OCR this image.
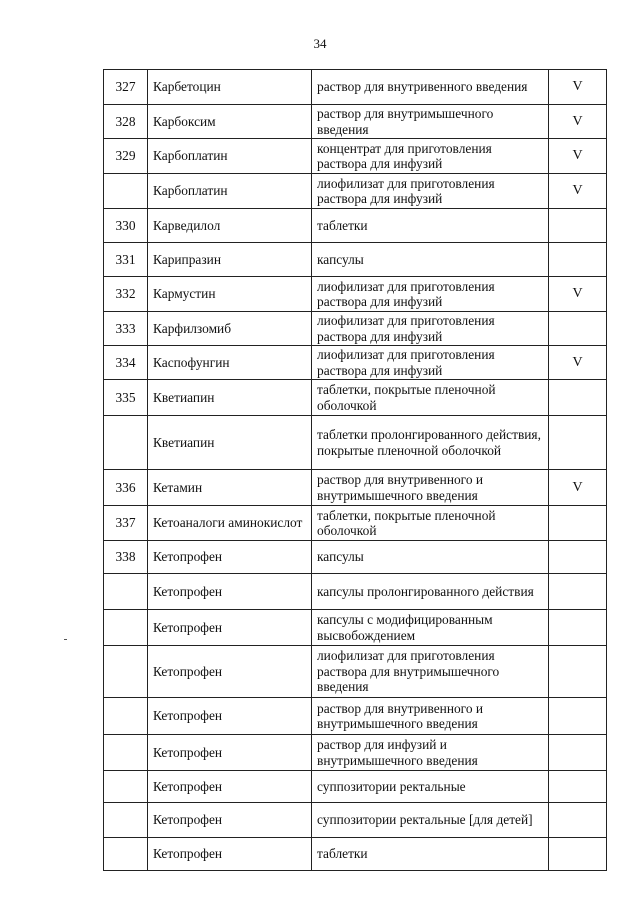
34
327	Карбетоцин	раствор для внутривенного введения	V

328	Карбоксим	раствор для внутримышечного введения	V

329	Карбоплатин	концентрат для приготовления раствора для инфузий	V

	Карбоплатин	лиофилизат для приготовления раствора для инфузий	V

330	Карведилол	таблетки	

331	Карипразин	капсулы	

332	Кармустин	лиофилизат для приготовления раствора для инфузий	V

333	Карфилзомиб	лиофилизат для приготовления раствора для инфузий	

334	Каспофунгин	лиофилизат для приготовления раствора для инфузий	V

335	Кветиапин	таблетки, покрытые пленочной оболочкой	

	Кветиапин	таблетки пролонгированного действия, покрытые пленочной оболочкой	

336	Кетамин	раствор для внутривенного и внутримышечного введения	V

337	Кетоаналоги аминокислот	таблетки, покрытые пленочной оболочкой	

338	Кетопрофен	капсулы	

	Кетопрофен	капсулы пролонгированного действия	

	Кетопрофен	капсулы с модифицированным высвобождением	

	Кетопрофен	лиофилизат для приготовления раствора для внутримышечного введения	

	Кетопрофен	раствор для внутривенного и внутримышечного введения	

	Кетопрофен	раствор для инфузий и внутримышечного введения	

	Кетопрофен	суппозитории ректальные	

	Кетопрофен	суппозитории ректальные [для детей]	

	Кетопрофен	таблетки	
